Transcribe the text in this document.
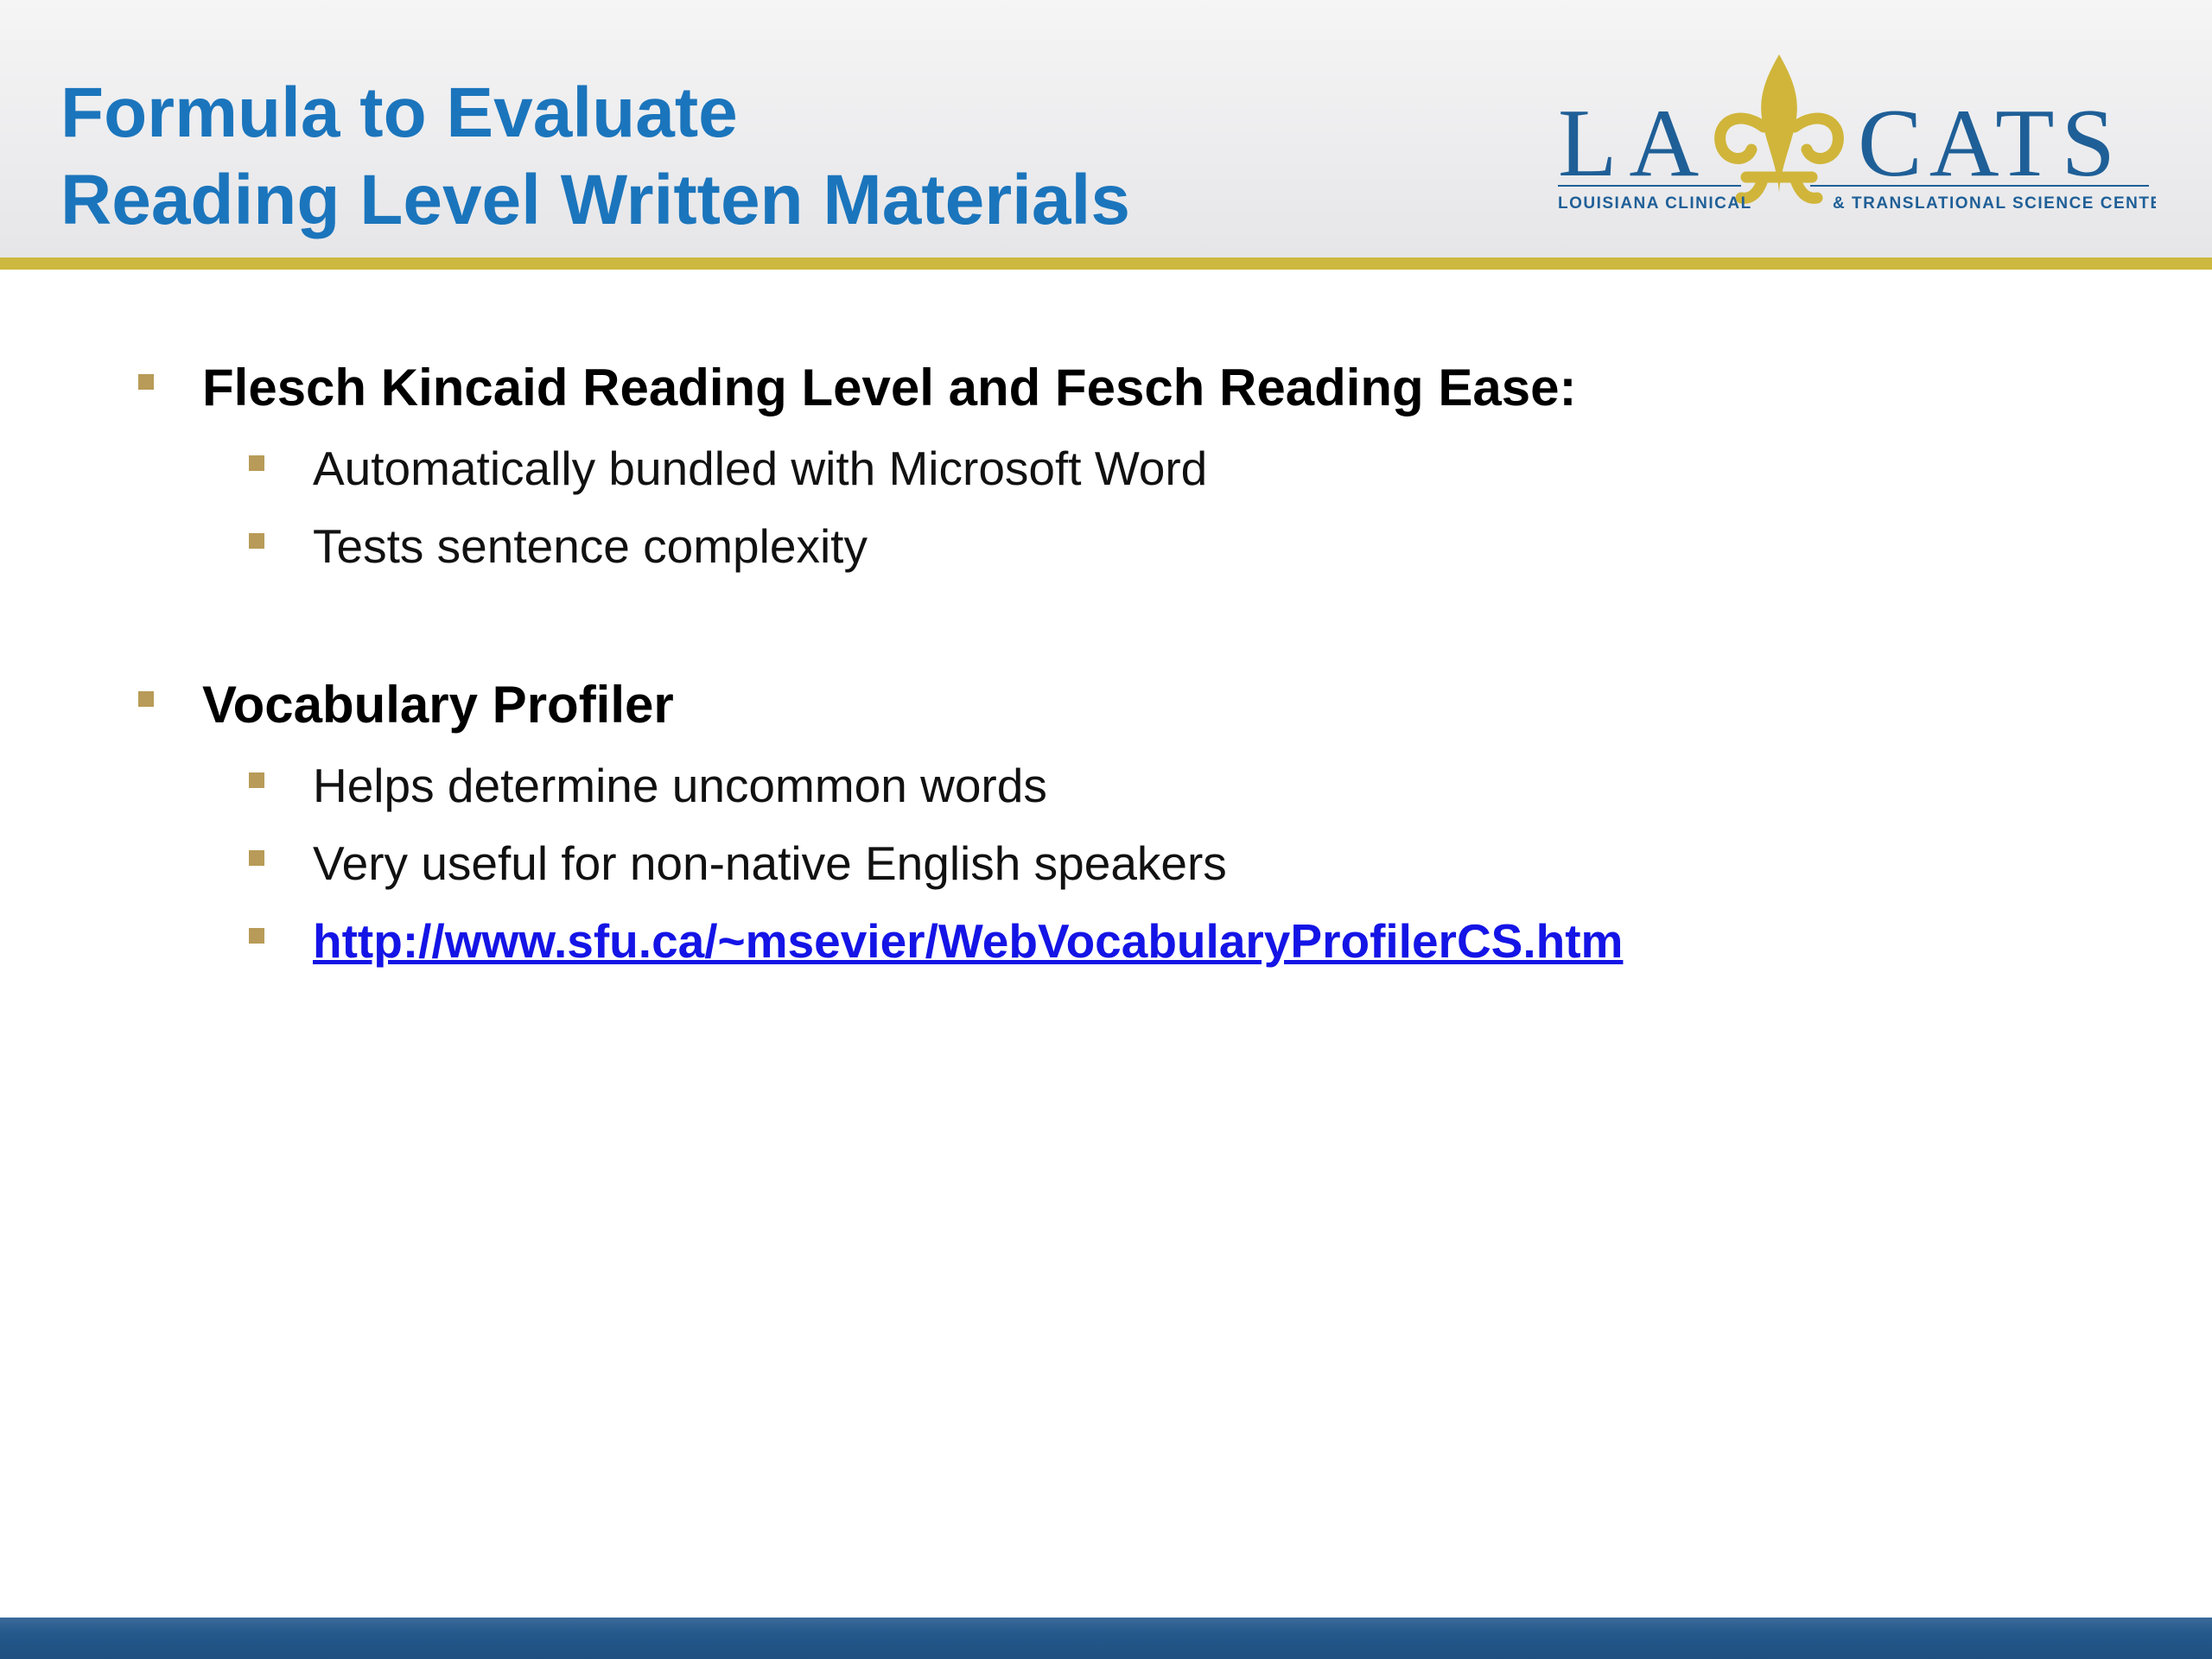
Formula to Evaluate
Reading Level Written Materials
LA CATS
LOUISIANA CLINICAL	& TRANSLATIONAL SCIENCE CENTER
Flesch Kincaid Reading Level and Fesch Reading Ease:
Automatically bundled with Microsoft Word
Tests sentence complexity
Vocabulary Profiler
Helps determine uncommon words
Very useful for non-native English speakers
http://www.sfu.ca/~msevier/WebVocabularyProfilerCS.htm
